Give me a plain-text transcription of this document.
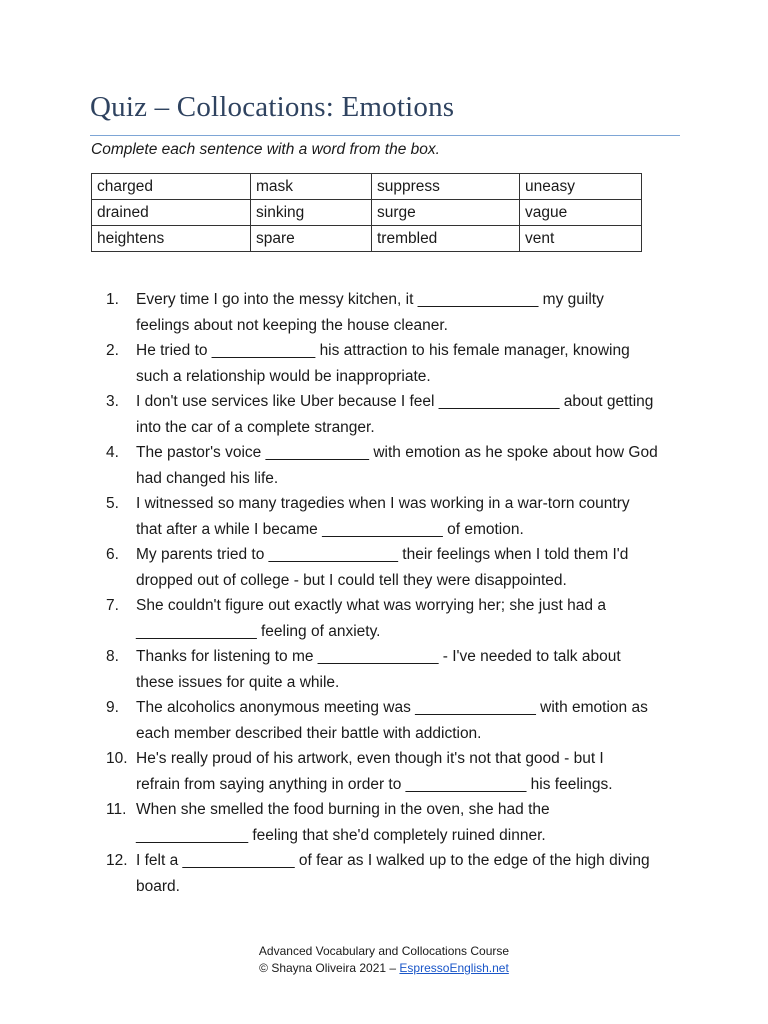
Quiz – Collocations: Emotions
Complete each sentence with a word from the box.
charged	mask	suppress	uneasy
drained	sinking	surge	vague
heightens	spare	trembled	vent
1.	Every time I go into the messy kitchen, it ______________ my guilty
feelings about not keeping the house cleaner.
2.	He tried to ____________ his attraction to his female manager, knowing
such a relationship would be inappropriate.
3.	I don't use services like Uber because I feel ______________ about getting
into the car of a complete stranger.
4.	The pastor's voice ____________ with emotion as he spoke about how God
had changed his life.
5.	I witnessed so many tragedies when I was working in a war-torn country
that after a while I became ______________ of emotion.
6.	My parents tried to _______________ their feelings when I told them I'd
dropped out of college - but I could tell they were disappointed.
7.	She couldn't figure out exactly what was worrying her; she just had a
______________ feeling of anxiety.
8.	Thanks for listening to me ______________ - I've needed to talk about
these issues for quite a while.
9.	The alcoholics anonymous meeting was ______________ with emotion as
each member described their battle with addiction.
10. He's really proud of his artwork, even though it's not that good - but I
refrain from saying anything in order to ______________ his feelings.
11. When she smelled the food burning in the oven, she had the
_____________ feeling that she'd completely ruined dinner.
12. I felt a _____________ of fear as I walked up to the edge of the high diving
board.
Advanced Vocabulary and Collocations Course
© Shayna Oliveira 2021 – EspressoEnglish.net
